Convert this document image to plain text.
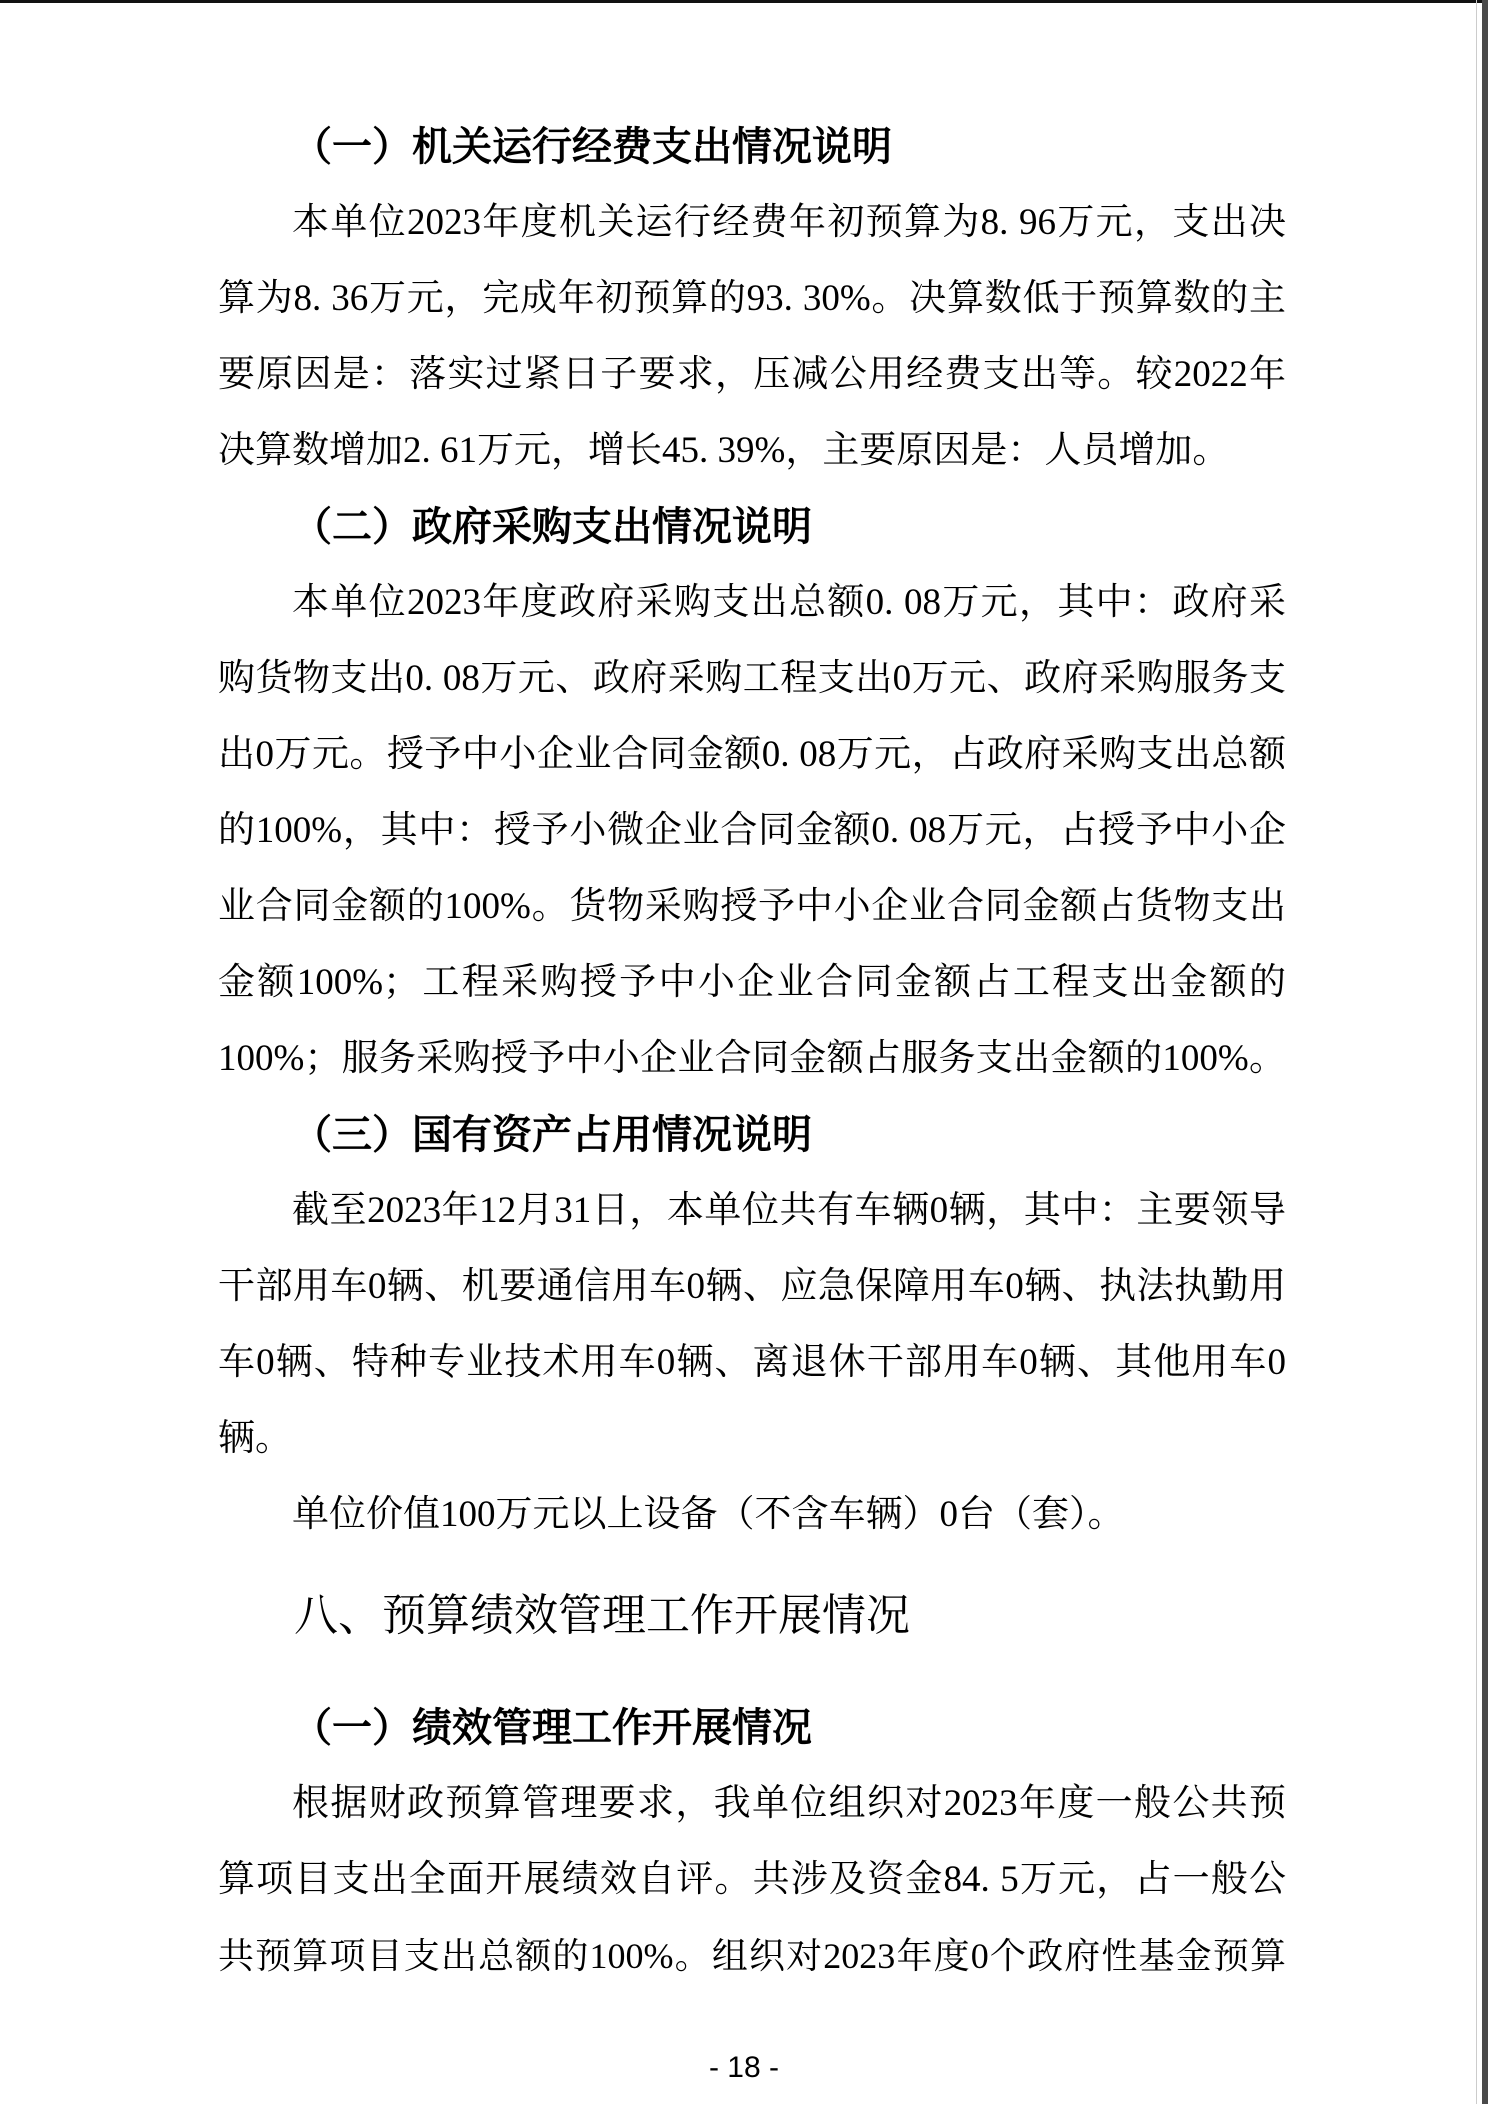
（一）机关运行经费支出情况说明
本单位2023年度机关运行经费年初预算为8. 96万元，支出决
算为8. 36万元，完成年初预算的93. 30%。决算数低于预算数的主
要原因是：落实过紧日子要求，压减公用经费支出等。较2022年
决算数增加2. 61万元，增长45. 39%，主要原因是：人员增加。
（二）政府采购支出情况说明
本单位2023年度政府采购支出总额0. 08万元，其中：政府采
购货物支出0. 08万元、政府采购工程支出0万元、政府采购服务支
出0万元。授予中小企业合同金额0. 08万元，占政府采购支出总额
的100%，其中：授予小微企业合同金额0. 08万元，占授予中小企
业合同金额的100%。货物采购授予中小企业合同金额占货物支出
金额100%；工程采购授予中小企业合同金额占工程支出金额的
100%；服务采购授予中小企业合同金额占服务支出金额的100%。
（三）国有资产占用情况说明
截至2023年12月31日，本单位共有车辆0辆，其中：主要领导
干部用车0辆、机要通信用车0辆、应急保障用车0辆、执法执勤用
车0辆、特种专业技术用车0辆、离退休干部用车0辆、其他用车0
辆。
单位价值100万元以上设备（不含车辆）0台（套）。
八、预算绩效管理工作开展情况
（一）绩效管理工作开展情况
根据财政预算管理要求，我单位组织对2023年度一般公共预
算项目支出全面开展绩效自评。共涉及资金84. 5万元，占一般公
共预算项目支出总额的100%。组织对2023年度0个政府性基金预算
- 18 -
